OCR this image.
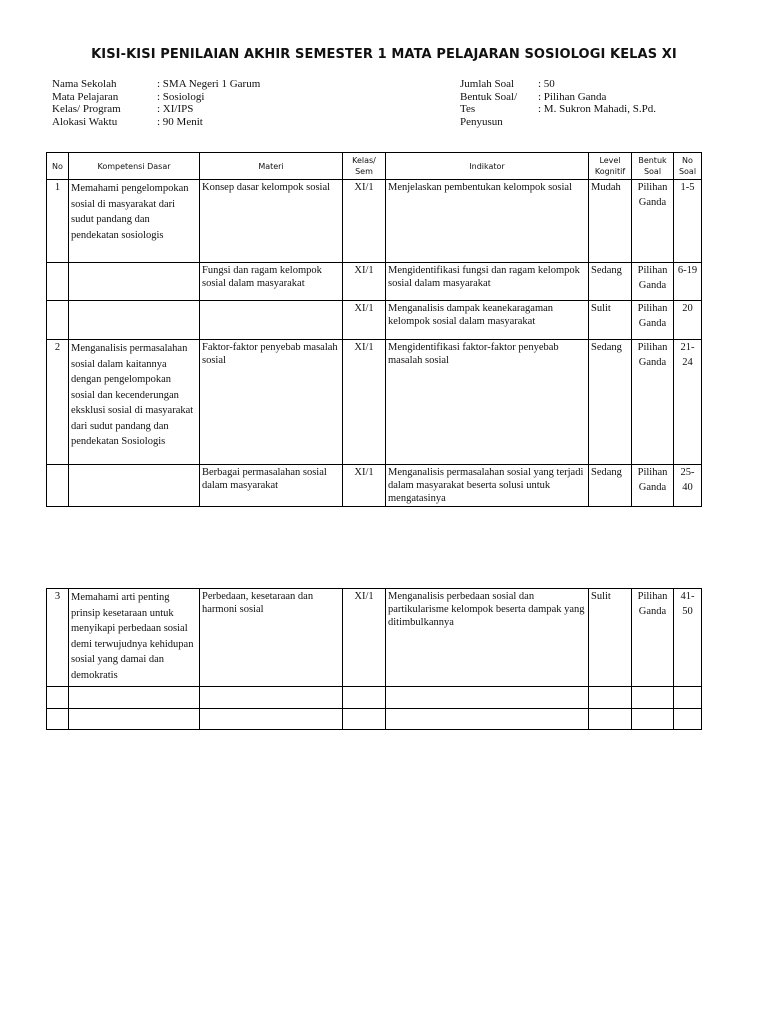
KISI-KISI PENILAIAN AKHIR SEMESTER 1 MATA PELAJARAN SOSIOLOGI KELAS XI
Nama Sekolah	: SMA Negeri 1 Garum
Mata Pelajaran	: Sosiologi
Kelas/ Program	: XI/IPS
Alokasi Waktu	: 90 Menit
Jumlah Soal	: 50
Bentuk Soal/	: Pilihan Ganda
Tes	: M. Sukron Mahadi, S.Pd.
Penyusun
No	Kompetensi Dasar	Materi	Kelas/ Sem	Indikator	Level Kognitif	Bentuk Soal	No Soal
1	Memahami pengelompokan sosial di masyarakat dari sudut pandang dan pendekatan sosiologis	Konsep dasar kelompok sosial	XI/1	Menjelaskan pembentukan kelompok sosial	Mudah	Pilihan Ganda	1-5
		Fungsi dan ragam kelompok sosial dalam masyarakat	XI/1	Mengidentifikasi fungsi dan ragam kelompok sosial dalam masyarakat	Sedang	Pilihan Ganda	6-19
			XI/1	Menganalisis dampak keanekaragaman kelompok sosial dalam masyarakat	Sulit	Pilihan Ganda	20
2	Menganalisis permasalahan sosial dalam kaitannya dengan pengelompokan sosial dan kecenderungan eksklusi sosial di masyarakat dari sudut pandang dan pendekatan Sosiologis	Faktor-faktor penyebab masalah sosial	XI/1	Mengidentifikasi faktor-faktor penyebab masalah sosial	Sedang	Pilihan Ganda	21-24
		Berbagai permasalahan sosial dalam masyarakat	XI/1	Menganalisis permasalahan sosial yang terjadi dalam masyarakat beserta solusi untuk mengatasinya	Sedang	Pilihan Ganda	25-40
3	Memahami arti penting prinsip kesetaraan untuk menyikapi perbedaan sosial demi terwujudnya kehidupan sosial yang damai dan demokratis	Perbedaan, kesetaraan dan harmoni sosial	XI/1	Menganalisis perbedaan sosial dan partikularisme kelompok beserta dampak yang ditimbulkannya	Sulit	Pilihan Ganda	41-50
